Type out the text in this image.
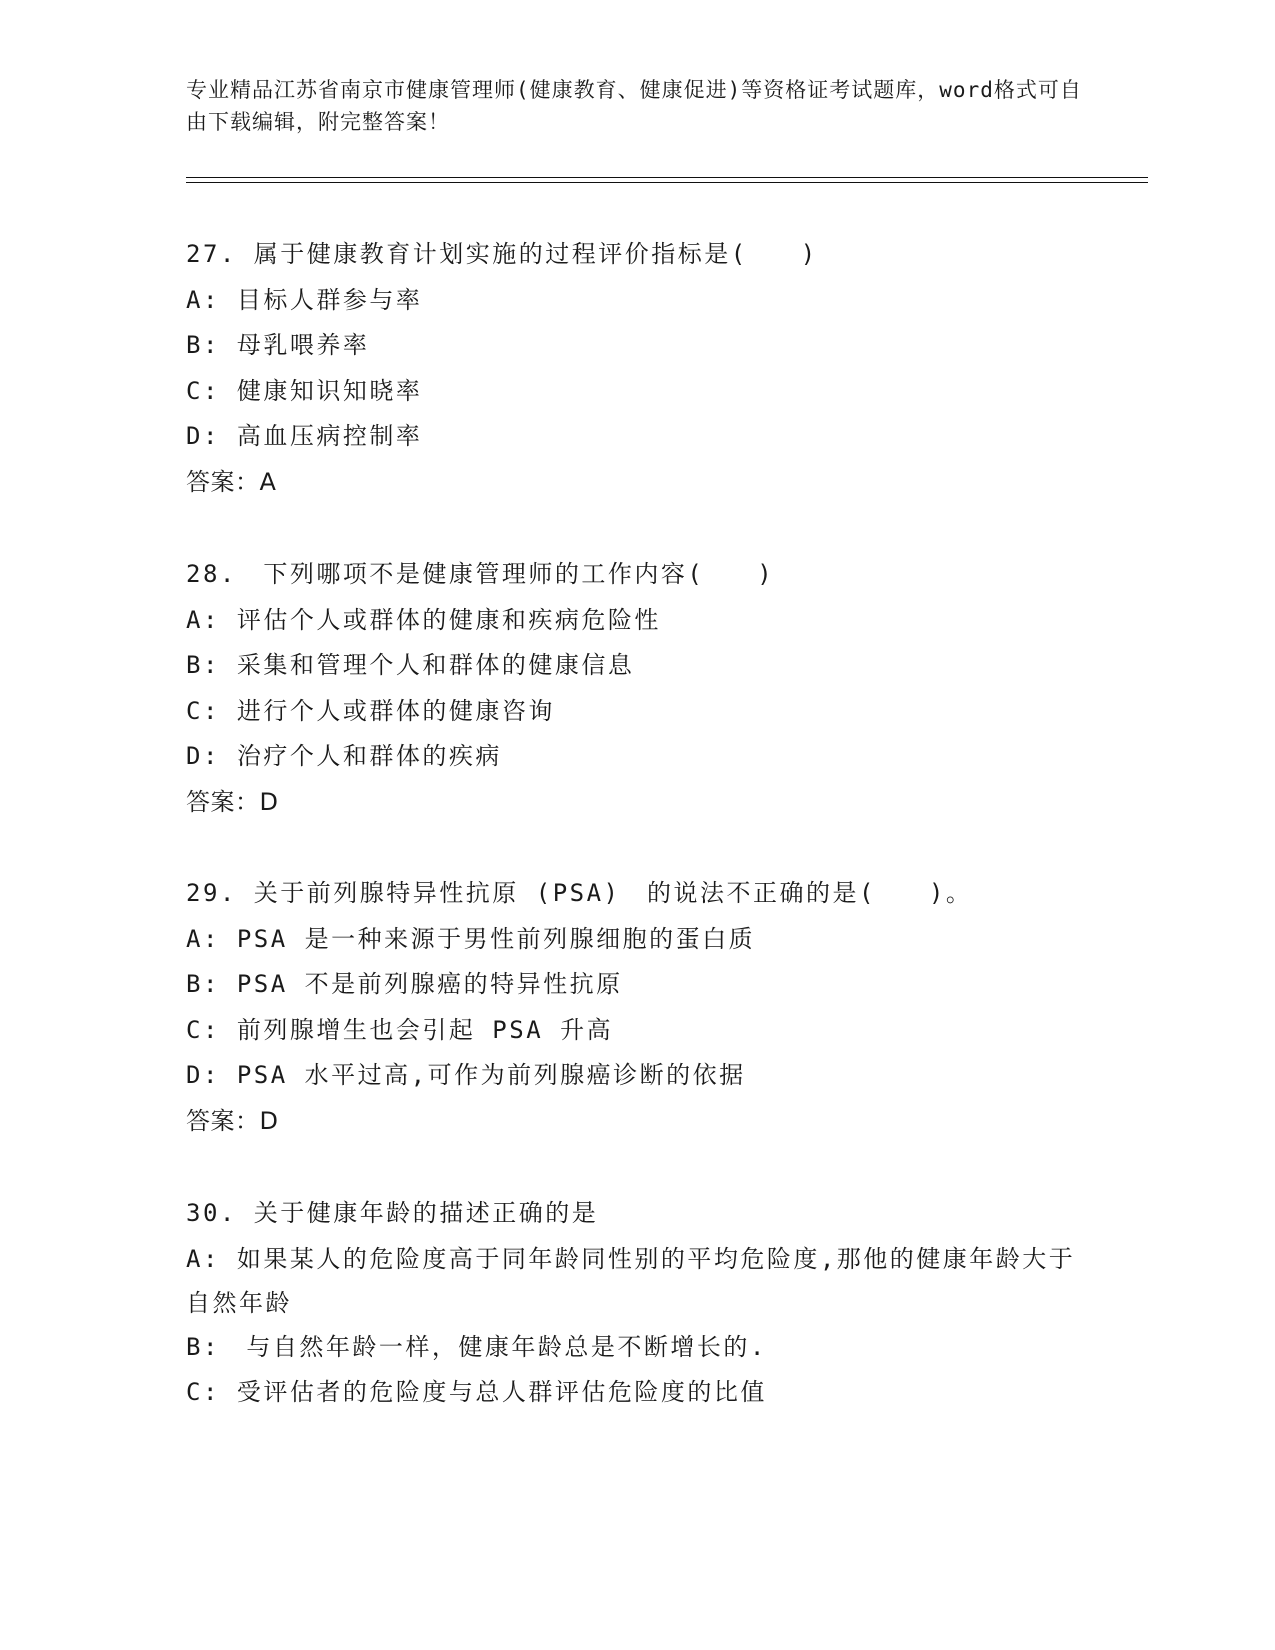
专业精品江苏省南京市健康管理师(健康教育、健康促进)等资格证考试题库，word格式可自由下载编辑，附完整答案！
27. 属于健康教育计划实施的过程评价指标是(　　)
A: 目标人群参与率
B: 母乳喂养率
C: 健康知识知晓率
D: 高血压病控制率
答案：A
28.　下列哪项不是健康管理师的工作内容(　　)
A: 评估个人或群体的健康和疾病危险性
B: 采集和管理个人和群体的健康信息
C: 进行个人或群体的健康咨询
D: 治疗个人和群体的疾病
答案：D
29. 关于前列腺特异性抗原 (PSA)　的说法不正确的是(　　)。
A: PSA 是一种来源于男性前列腺细胞的蛋白质
B: PSA 不是前列腺癌的特异性抗原
C: 前列腺增生也会引起 PSA 升高
D: PSA 水平过高,可作为前列腺癌诊断的依据
答案：D
30. 关于健康年龄的描述正确的是
A: 如果某人的危险度高于同年龄同性别的平均危险度,那他的健康年龄大于自然年龄
B:　与自然年龄一样，健康年龄总是不断增长的.
C: 受评估者的危险度与总人群评估危险度的比值
